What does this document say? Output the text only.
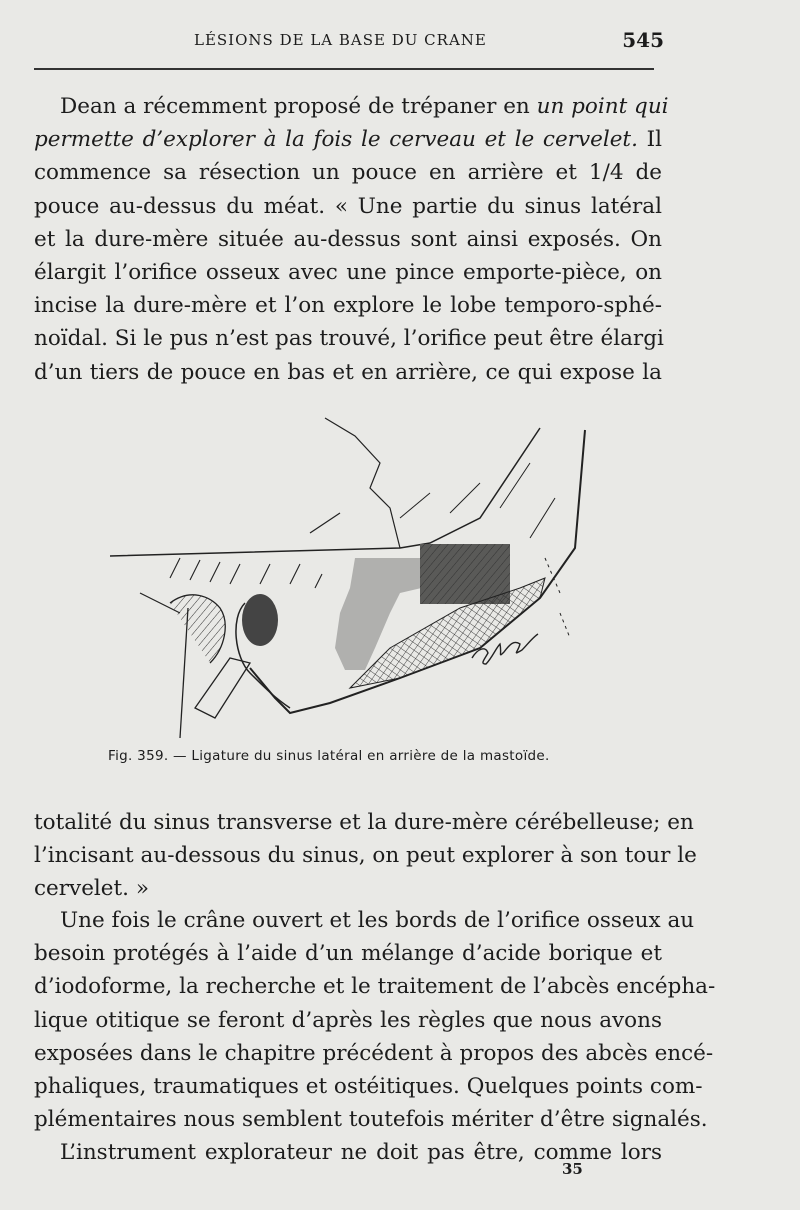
LÉSIONS DE LA BASE DU CRANE	545
Dean a récemment proposé de trépaner en un point qui
permette d’explorer à la fois le cerveau et le cervelet. Il
commence sa résection un pouce en arrière et 1/4 de
pouce au-dessus du méat. « Une partie du sinus latéral
et la dure-mère située au-dessus sont ainsi exposés. On
élargit l’orifice osseux avec une pince emporte-pièce, on
incise la dure-mère et l’on explore le lobe temporo-sphé-
noïdal. Si le pus n’est pas trouvé, l’orifice peut être élargi
d’un tiers de pouce en bas et en arrière, ce qui expose la
Fig. 359. — Ligature du sinus latéral en arrière de la mastoïde.
totalité du sinus transverse et la dure-mère cérébelleuse; en
l’incisant au-dessous du sinus, on peut explorer à son tour le
cervelet. »
Une fois le crâne ouvert et les bords de l’orifice osseux au
besoin protégés à l’aide d’un mélange d’acide borique et
d’iodoforme, la recherche et le traitement de l’abcès encépha-
lique otitique se feront d’après les règles que nous avons
exposées dans le chapitre précédent à propos des abcès encé-
phaliques, traumatiques et ostéitiques. Quelques points com-
plémentaires nous semblent toutefois mériter d’être signalés.
L’instrument explorateur ne doit pas être, comme lors
35
